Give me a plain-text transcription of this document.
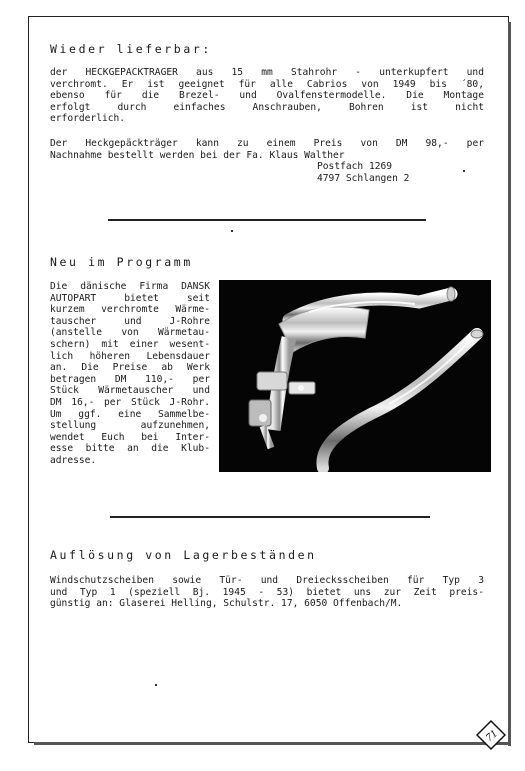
Wieder lieferbar:
der HECKGEPACKTRÄGER aus 15 mm Stahrohr - unterkupfert und
verchromt. Er ist geeignet für alle Cabrios von 1949 bis ´80,
ebenso für die Brezel- und Ovalfenstermodelle. Die Montage
erfolgt durch einfaches Anschrauben, Bohren ist nicht
erforderlich.
Der Heckgepäckträger kann zu einem Preis von DM 98,- per
Nachnahme bestellt werden bei der Fa. Klaus Walther
Postfach 1269
4797 Schlangen 2
Neu im Programm
Die dänische Firma DANSK
AUTOPART bietet seit
kurzem verchromte Wärme-
tauscher und J-Rohre
(anstelle von Wärmetau-
schern) mit einer wesent-
lich höheren Lebensdauer
an. Die Preise ab Werk
betragen DM 110,- per
Stück Wärmetauscher und
DM 16,- per Stück J-Rohr.
Um ggf. eine Sammelbe-
stellung aufzunehmen,
wendet Euch bei Inter-
esse bitte an die Klub-
adresse.
Auflösung von Lagerbeständen
Windschutzscheiben sowie Tür- und Dreiecksscheiben für Typ 3
und Typ 1 (speziell Bj. 1945 - 53) bietet uns zur Zeit preis-
günstig an: Glaserei Helling, Schulstr. 17, 6050 Offenbach/M.
71
